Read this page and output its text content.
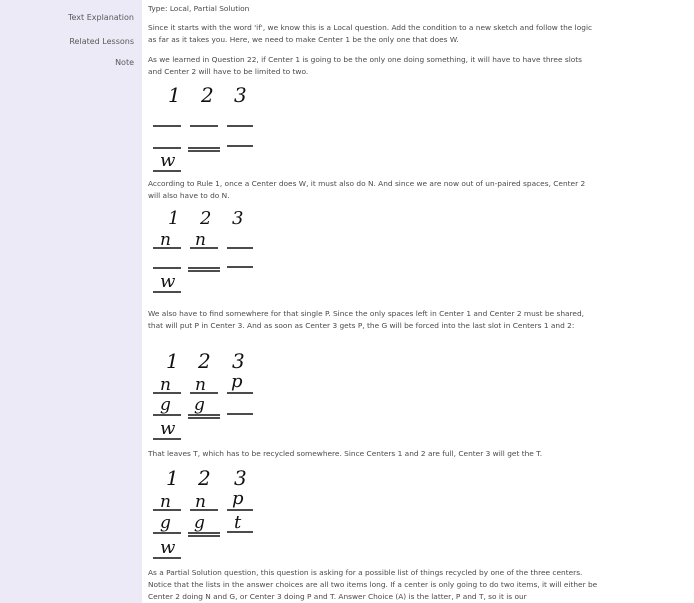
Text Explanation
Related Lessons
Note

Type: Local, Partial Solution

Since it starts with the word 'if', we know this is a Local question. Add the condition to a new sketch and follow the logic as far as it takes you. Here, we need to make Center 1 be the only one that does W.

As we learned in Question 22, if Center 1 is going to be the only one doing something, it will have to have three slots and Center 2 will have to be limited to two.

1 2 3
w

According to Rule 1, once a Center does W, it must also do N. And since we are now out of un-paired spaces, Center 2 will also have to do N.

1 2 3
n n
w

We also have to find somewhere for that single P. Since the only spaces left in Center 1 and Center 2 must be shared, that will put P in Center 3. And as soon as Center 3 gets P, the G will be forced into the last slot in Centers 1 and 2:

1 2 3
n n p
g g
w

That leaves T, which has to be recycled somewhere. Since Centers 1 and 2 are full, Center 3 will get the T.

1 2 3
n n p
g g t
w

As a Partial Solution question, this question is asking for a possible list of things recycled by one of the three centers. Notice that the lists in the answer choices are all two items long. If a center is only going to do two items, it will either be Center 2 doing N and G, or Center 3 doing P and T. Answer Choice (A) is the latter, P and T, so it is our
